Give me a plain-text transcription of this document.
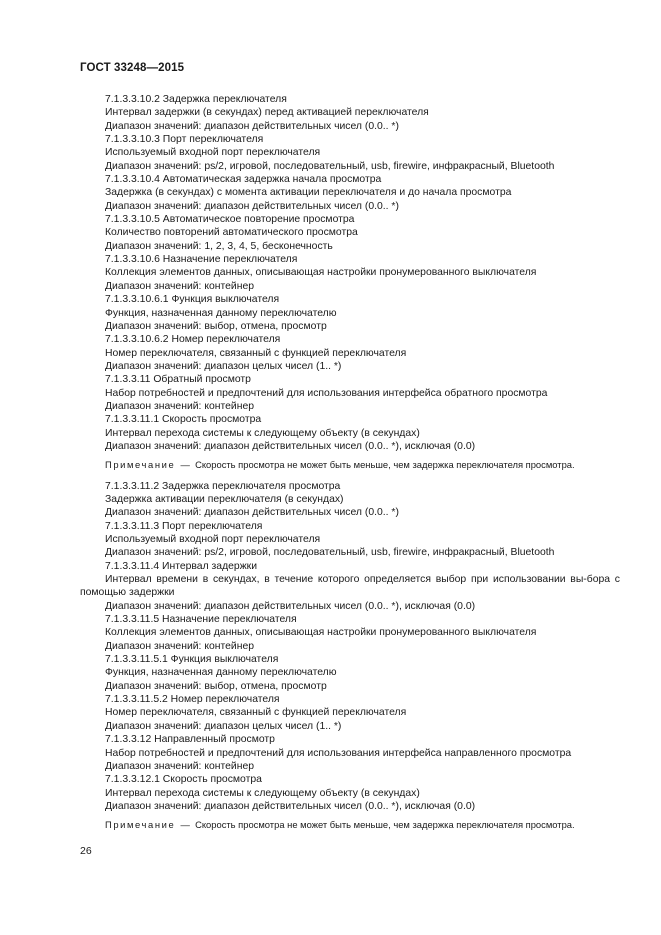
ГОСТ 33248—2015
7.1.3.3.10.2 Задержка переключателя
Интервал задержки (в секундах) перед активацией переключателя
Диапазон значений: диапазон действительных чисел (0.0.. *)
7.1.3.3.10.3 Порт переключателя
Используемый входной порт переключателя
Диапазон значений: ps/2, игровой, последовательный, usb, firewire, инфракрасный, Bluetooth
7.1.3.3.10.4 Автоматическая задержка начала просмотра
Задержка (в секундах) с момента активации переключателя и до начала просмотра
Диапазон значений: диапазон действительных чисел (0.0.. *)
7.1.3.3.10.5 Автоматическое повторение просмотра
Количество повторений автоматического просмотра
Диапазон значений: 1, 2, 3, 4, 5, бесконечность
7.1.3.3.10.6 Назначение переключателя
Коллекция элементов данных, описывающая настройки пронумерованного выключателя
Диапазон значений: контейнер
7.1.3.3.10.6.1 Функция выключателя
Функция, назначенная данному переключателю
Диапазон значений: выбор, отмена, просмотр
7.1.3.3.10.6.2 Номер переключателя
Номер переключателя, связанный с функцией переключателя
Диапазон значений: диапазон целых чисел (1.. *)
7.1.3.3.11 Обратный просмотр
Набор потребностей и предпочтений для использования интерфейса обратного просмотра
Диапазон значений: контейнер
7.1.3.3.11.1 Скорость просмотра
Интервал перехода системы к следующему объекту (в секундах)
Диапазон значений: диапазон действительных чисел (0.0.. *), исключая (0.0)
Примечание — Скорость просмотра не может быть меньше, чем задержка переключателя просмотра.
7.1.3.3.11.2 Задержка переключателя просмотра
Задержка активации переключателя (в секундах)
Диапазон значений: диапазон действительных чисел (0.0.. *)
7.1.3.3.11.3 Порт переключателя
Используемый входной порт переключателя
Диапазон значений: ps/2, игровой, последовательный, usb, firewire, инфракрасный, Bluetooth
7.1.3.3.11.4 Интервал задержки
Интервал времени в секундах, в течение которого определяется выбор при использовании вы-бора с помощью задержки
Диапазон значений: диапазон действительных чисел (0.0.. *), исключая (0.0)
7.1.3.3.11.5 Назначение переключателя
Коллекция элементов данных, описывающая настройки пронумерованного выключателя
Диапазон значений: контейнер
7.1.3.3.11.5.1 Функция выключателя
Функция, назначенная данному переключателю
Диапазон значений: выбор, отмена, просмотр
7.1.3.3.11.5.2 Номер переключателя
Номер переключателя, связанный с функцией переключателя
Диапазон значений: диапазон целых чисел (1.. *)
7.1.3.3.12 Направленный просмотр
Набор потребностей и предпочтений для использования интерфейса направленного просмотра
Диапазон значений: контейнер
7.1.3.3.12.1 Скорость просмотра
Интервал перехода системы к следующему объекту (в секундах)
Диапазон значений: диапазон действительных чисел (0.0.. *), исключая (0.0)
Примечание — Скорость просмотра не может быть меньше, чем задержка переключателя просмотра.
26
